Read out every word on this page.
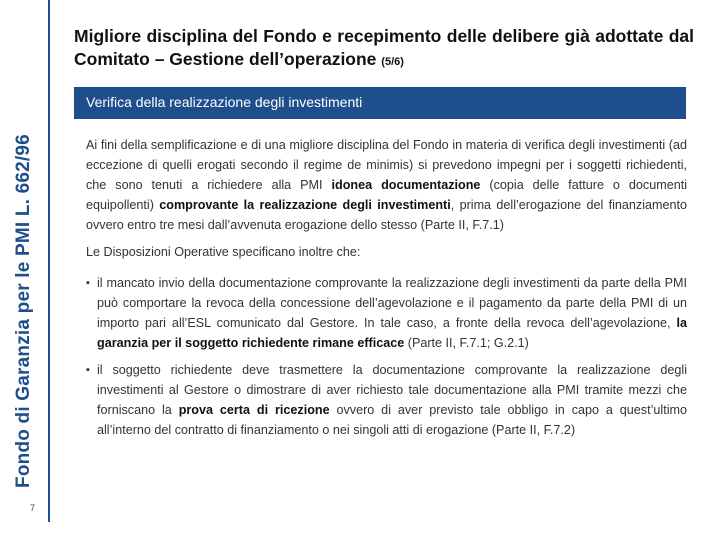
Fondo di Garanzia per le PMI L. 662/96
7
Migliore disciplina del Fondo e recepimento delle delibere già adottate dal Comitato – Gestione dell’operazione (5/6)
Verifica della realizzazione degli investimenti

Ai fini della semplificazione e di una migliore disciplina del Fondo in materia di verifica degli investimenti (ad eccezione di quelli erogati secondo il regime de minimis) si prevedono impegni per i soggetti richiedenti, che sono tenuti a richiedere alla PMI idonea documentazione (copia delle fatture o documenti equipollenti) comprovante la realizzazione degli investimenti, prima dell’erogazione del finanziamento ovvero entro tre mesi dall’avvenuta erogazione dello stesso (Parte II, F.7.1)

Le Disposizioni Operative specificano inoltre che:

▪ il mancato invio della documentazione comprovante la realizzazione degli investimenti da parte della PMI può comportare la revoca della concessione dell’agevolazione e il pagamento da parte della PMI di un importo pari all’ESL comunicato dal Gestore. In tale caso, a fronte della revoca dell’agevolazione, la garanzia per il soggetto richiedente rimane efficace (Parte II, F.7.1; G.2.1)
▪ il soggetto richiedente deve trasmettere la documentazione comprovante la realizzazione degli investimenti al Gestore o dimostrare di aver richiesto tale documentazione alla PMI tramite mezzi che forniscano la prova certa di ricezione ovvero di aver previsto tale obbligo in capo a quest’ultimo all’interno del contratto di finanziamento o nei singoli atti di erogazione (Parte II, F.7.2)
